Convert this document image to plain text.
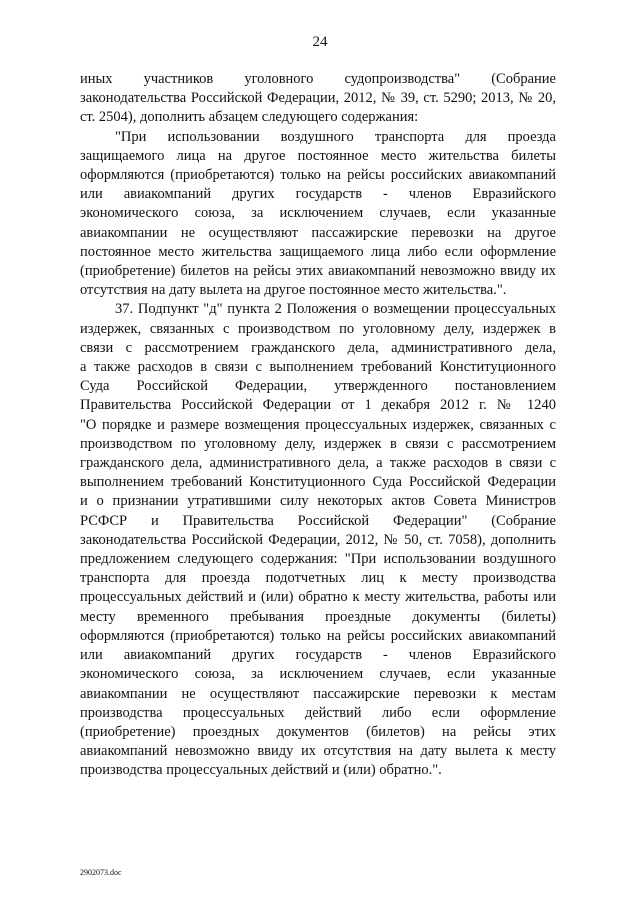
24

иных участников уголовного судопроизводства" (Собрание
законодательства Российской Федерации, 2012, № 39, ст. 5290; 2013, № 20,
ст. 2504), дополнить абзацем следующего содержания:

"При использовании воздушного транспорта для проезда
защищаемого лица на другое постоянное место жительства билеты
оформляются (приобретаются) только на рейсы российских авиакомпаний
или авиакомпаний других государств - членов Евразийского
экономического союза, за исключением случаев, если указанные
авиакомпании не осуществляют пассажирские перевозки на другое
постоянное место жительства защищаемого лица либо если оформление
(приобретение) билетов на рейсы этих авиакомпаний невозможно ввиду их
отсутствия на дату вылета на другое постоянное место жительства.".

37. Подпункт "д" пункта 2 Положения о возмещении процессуальных
издержек, связанных с производством по уголовному делу, издержек в
связи с рассмотрением гражданского дела, административного дела,
а также расходов в связи с выполнением требований Конституционного
Суда Российской Федерации, утвержденного постановлением
Правительства Российской Федерации от 1 декабря 2012 г. № 1240
"О порядке и размере возмещения процессуальных издержек, связанных с
производством по уголовному делу, издержек в связи с рассмотрением
гражданского дела, административного дела, а также расходов в связи с
выполнением требований Конституционного Суда Российской Федерации
и о признании утратившими силу некоторых актов Совета Министров
РСФСР и Правительства Российской Федерации" (Собрание
законодательства Российской Федерации, 2012, № 50, ст. 7058), дополнить
предложением следующего содержания: "При использовании воздушного
транспорта для проезда подотчетных лиц к месту производства
процессуальных действий и (или) обратно к месту жительства, работы или
месту временного пребывания проездные документы (билеты)
оформляются (приобретаются) только на рейсы российских авиакомпаний
или авиакомпаний других государств - членов Евразийского
экономического союза, за исключением случаев, если указанные
авиакомпании не осуществляют пассажирские перевозки к местам
производства процессуальных действий либо если оформление
(приобретение) проездных документов (билетов) на рейсы этих
авиакомпаний невозможно ввиду их отсутствия на дату вылета к месту
производства процессуальных действий и (или) обратно.".

2902073.doc
